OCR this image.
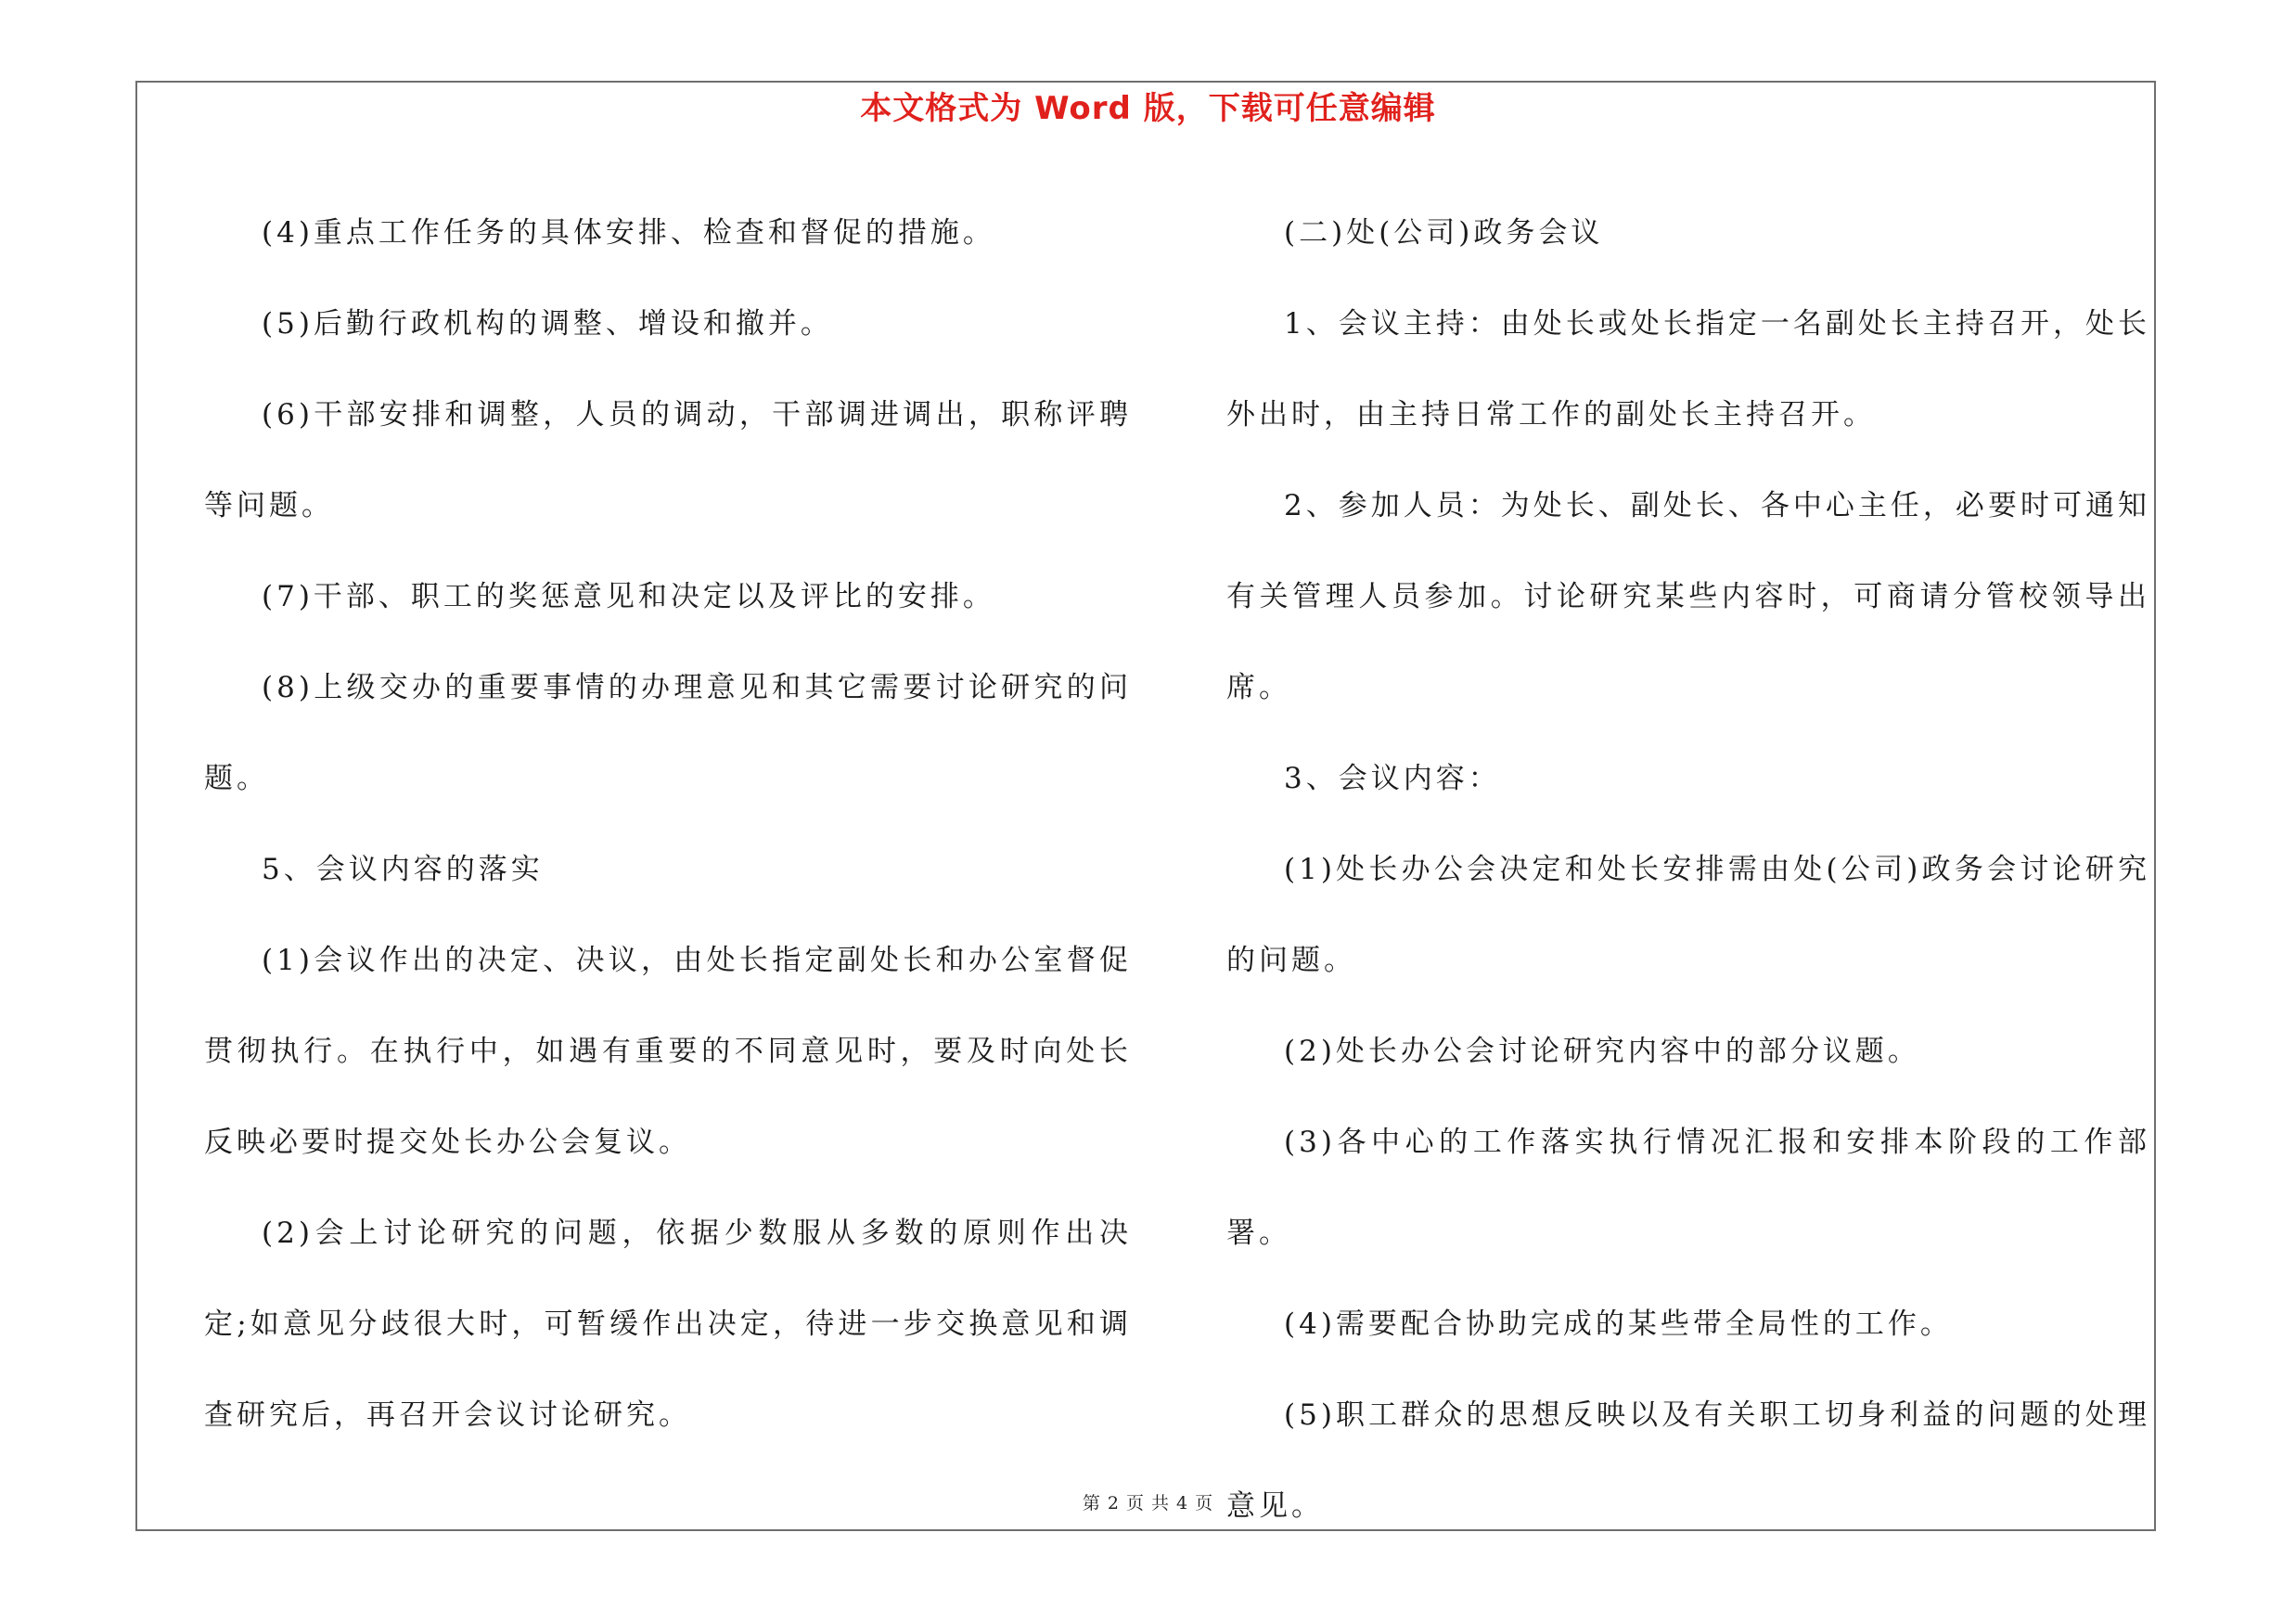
本文格式为 Word 版，下载可任意编辑

(4)重点工作任务的具体安排、检查和督促的措施。

(5)后勤行政机构的调整、增设和撤并。

(6)干部安排和调整，人员的调动，干部调进调出，职称评聘等问题。

(7)干部、职工的奖惩意见和决定以及评比的安排。

(8)上级交办的重要事情的办理意见和其它需要讨论研究的问题。

5、会议内容的落实

(1)会议作出的决定、决议，由处长指定副处长和办公室督促贯彻执行。在执行中，如遇有重要的不同意见时，要及时向处长反映必要时提交处长办公会复议。

(2)会上讨论研究的问题，依据少数服从多数的原则作出决定;如意见分歧很大时，可暂缓作出决定，待进一步交换意见和调查研究后，再召开会议讨论研究。

(二)处(公司)政务会议

1、会议主持：由处长或处长指定一名副处长主持召开，处长外出时，由主持日常工作的副处长主持召开。

2、参加人员：为处长、副处长、各中心主任，必要时可通知有关管理人员参加。讨论研究某些内容时，可商请分管校领导出席。

3、会议内容：

(1)处长办公会决定和处长安排需由处(公司)政务会讨论研究的问题。

(2)处长办公会讨论研究内容中的部分议题。

(3)各中心的工作落实执行情况汇报和安排本阶段的工作部署。

(4)需要配合协助完成的某些带全局性的工作。

(5)职工群众的思想反映以及有关职工切身利益的问题的处理意见。

第 2 页 共 4 页
